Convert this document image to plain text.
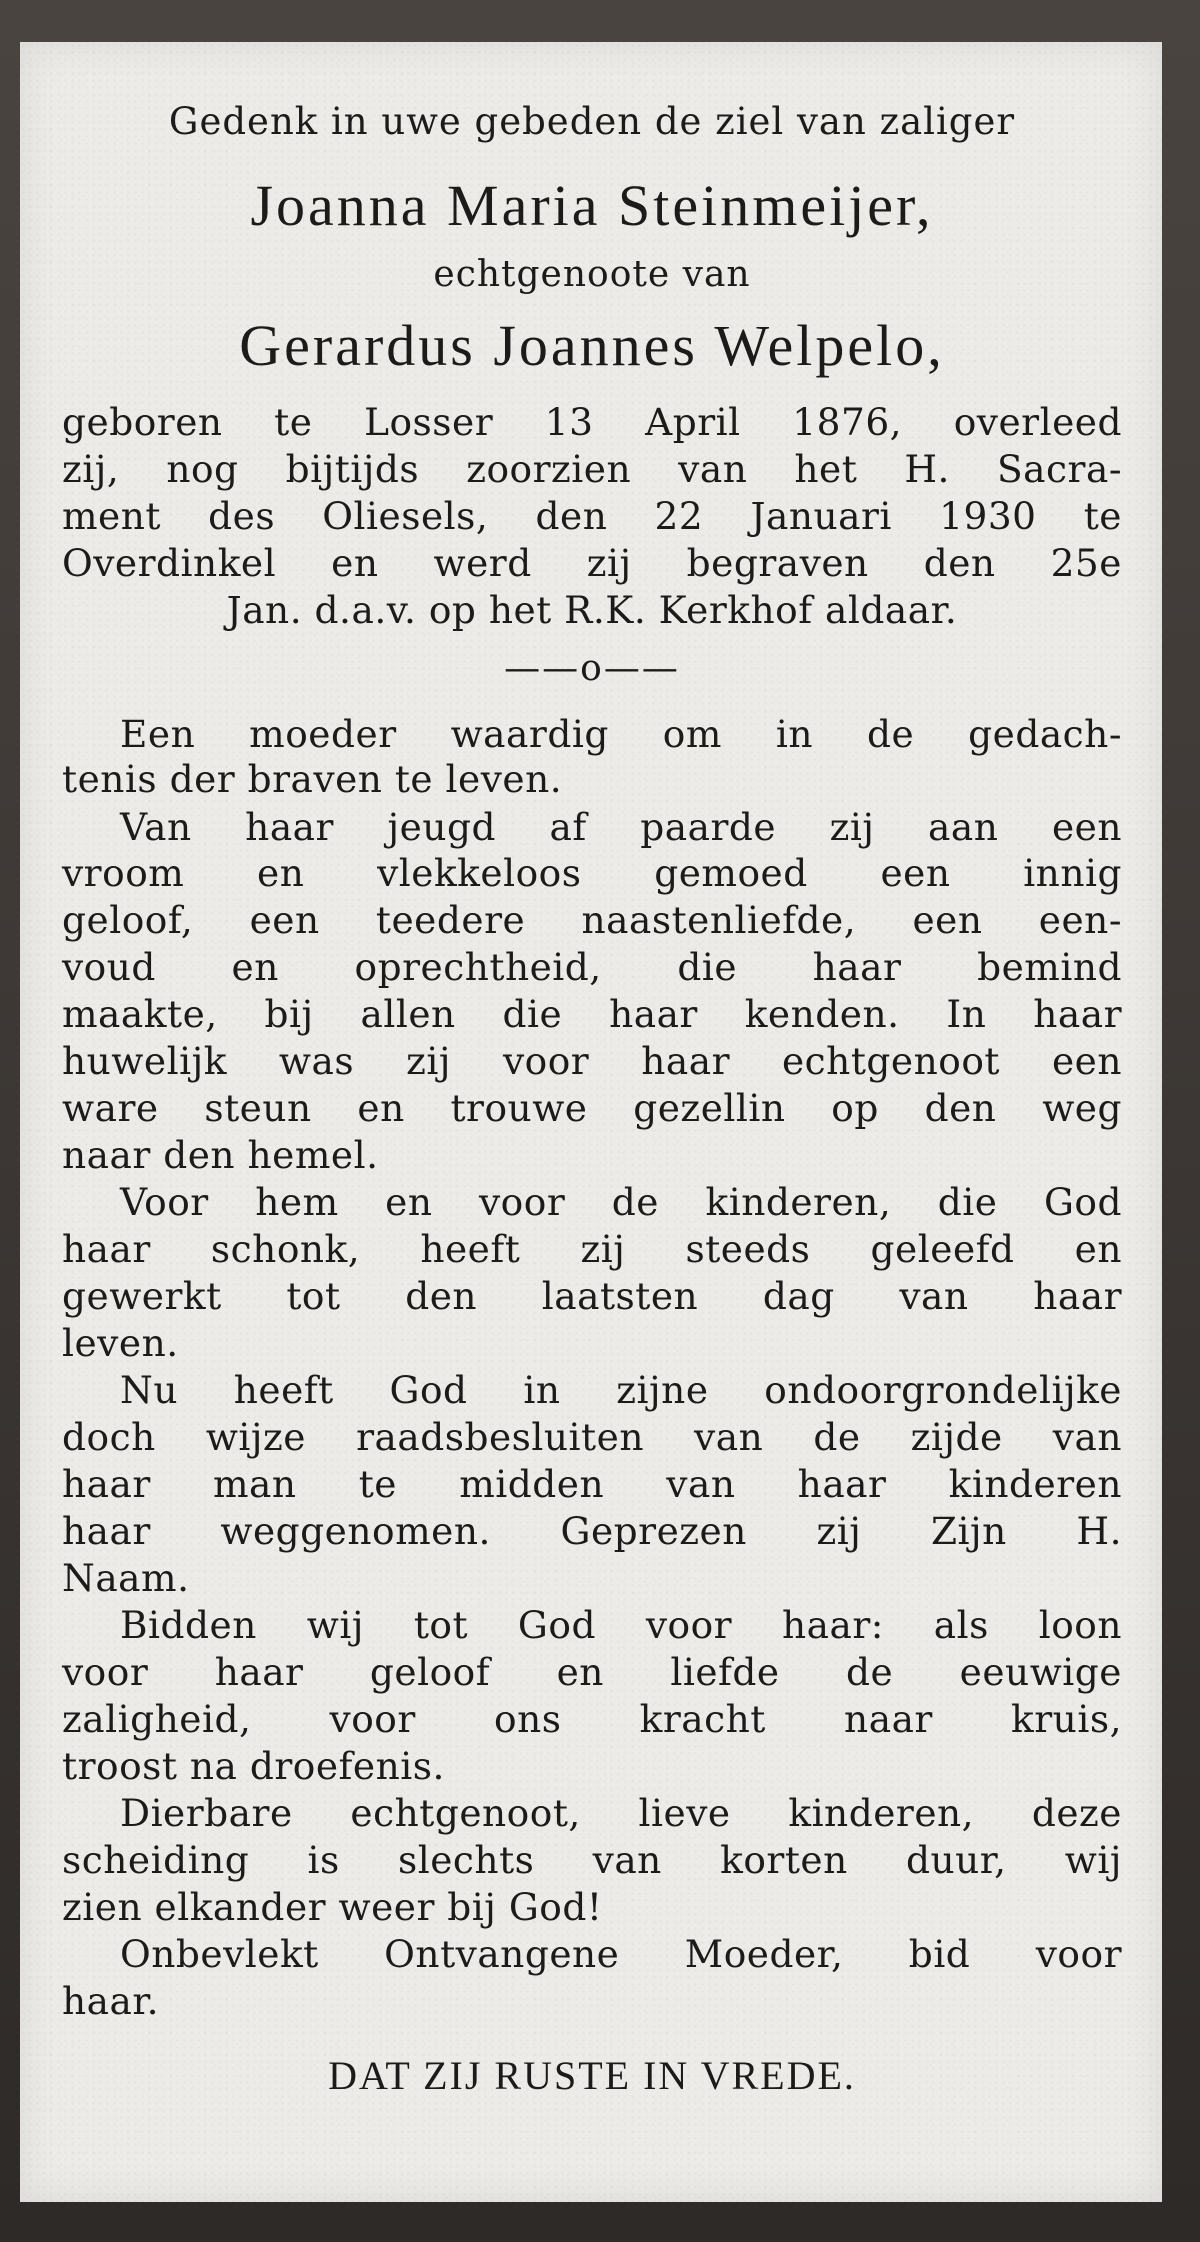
Gedenk in uwe gebeden de ziel van zaliger

Joanna Maria Steinmeijer,

echtgenoote van

Gerardus Joannes Welpelo,

geboren te Losser 13 April 1876, overleed

zij, nog bijtijds zoorzien van het H. Sacra-

ment des Oliesels, den 22 Januari 1930 te

Overdinkel en werd zij begraven den 25e

Jan. d.a.v. op het R.K. Kerkhof aldaar.

——o——

Een moeder waardig om in de gedach-

tenis der braven te leven.

Van haar jeugd af paarde zij aan een

vroom en vlekkeloos gemoed een innig

geloof, een teedere naastenliefde, een een-

voud en oprechtheid, die haar bemind

maakte, bij allen die haar kenden. In haar

huwelijk was zij voor haar echtgenoot een

ware steun en trouwe gezellin op den weg

naar den hemel.

Voor hem en voor de kinderen, die God

haar schonk, heeft zij steeds geleefd en

gewerkt tot den laatsten dag van haar

leven.

Nu heeft God in zijne ondoorgrondelijke

doch wijze raadsbesluiten van de zijde van

haar man te midden van haar kinderen

haar weggenomen. Geprezen zij Zijn H.

Naam.

Bidden wij tot God voor haar: als loon

voor haar geloof en liefde de eeuwige

zaligheid, voor ons kracht naar kruis,

troost na droefenis.

Dierbare echtgenoot, lieve kinderen, deze

scheiding is slechts van korten duur, wij

zien elkander weer bij God!

Onbevlekt Ontvangene Moeder, bid voor

haar.

DAT ZIJ RUSTE IN VREDE.
